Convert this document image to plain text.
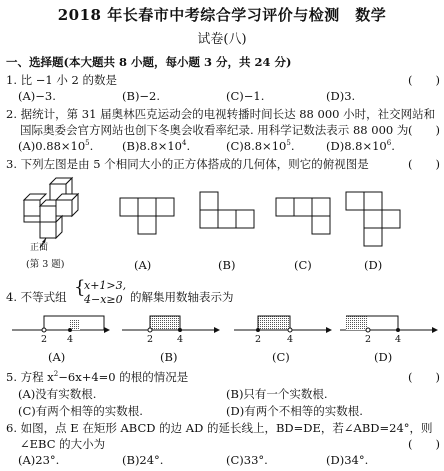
2018 年长春市中考综合学习评价与检测　数学
试卷(八)
一、选择题(本大题共 8 小题，每小题 3 分，共 24 分)
1. 比 −1 小 2 的数是	(　　)
(A)−3.	(B)−2.	(C)−1.	(D)3.
2. 据统计，第 31 届奥林匹克运动会的电视转播时间长达 88 000 小时，社交网站和
国际奥委会官方网站也创下冬奥会收看率纪录. 用科学记数法表示 88 000 为 (　　)
$(A)0.88\times 10^5$. $(B)8.8\times 10^4$.	$(C)8.8\times 10^5$.	$(D)8.8\times 10^6$.
3. 下列左图是由 5 个相同大小的正方体搭成的几何体，则它的俯视图是	(　　)
正面
(第 3 题)	(A)	(B)	(C)	(D)
4. 不等式组 {
x+1>3,
4−x≥0 的解集用数轴表示为
2 4	2	4	2	4	2	4
(A)	(B)	(C)	(D)
5. 方程 $x^2-6x+4=0$ 的根的情况是	(　　)
(A)没有实数根.	(B)只有一个实数根.
(C)有两个相等的实数根.	(D)有两个不相等的实数根.
6. 如图，点 E 在矩形 ABCD 的边 AD 的延长线上，BD=DE，若∠ABD=24°，则
∠EBC 的大小为	(　　)
(A)23°.	(B)24°.	(C)33°.	(D)34°.
